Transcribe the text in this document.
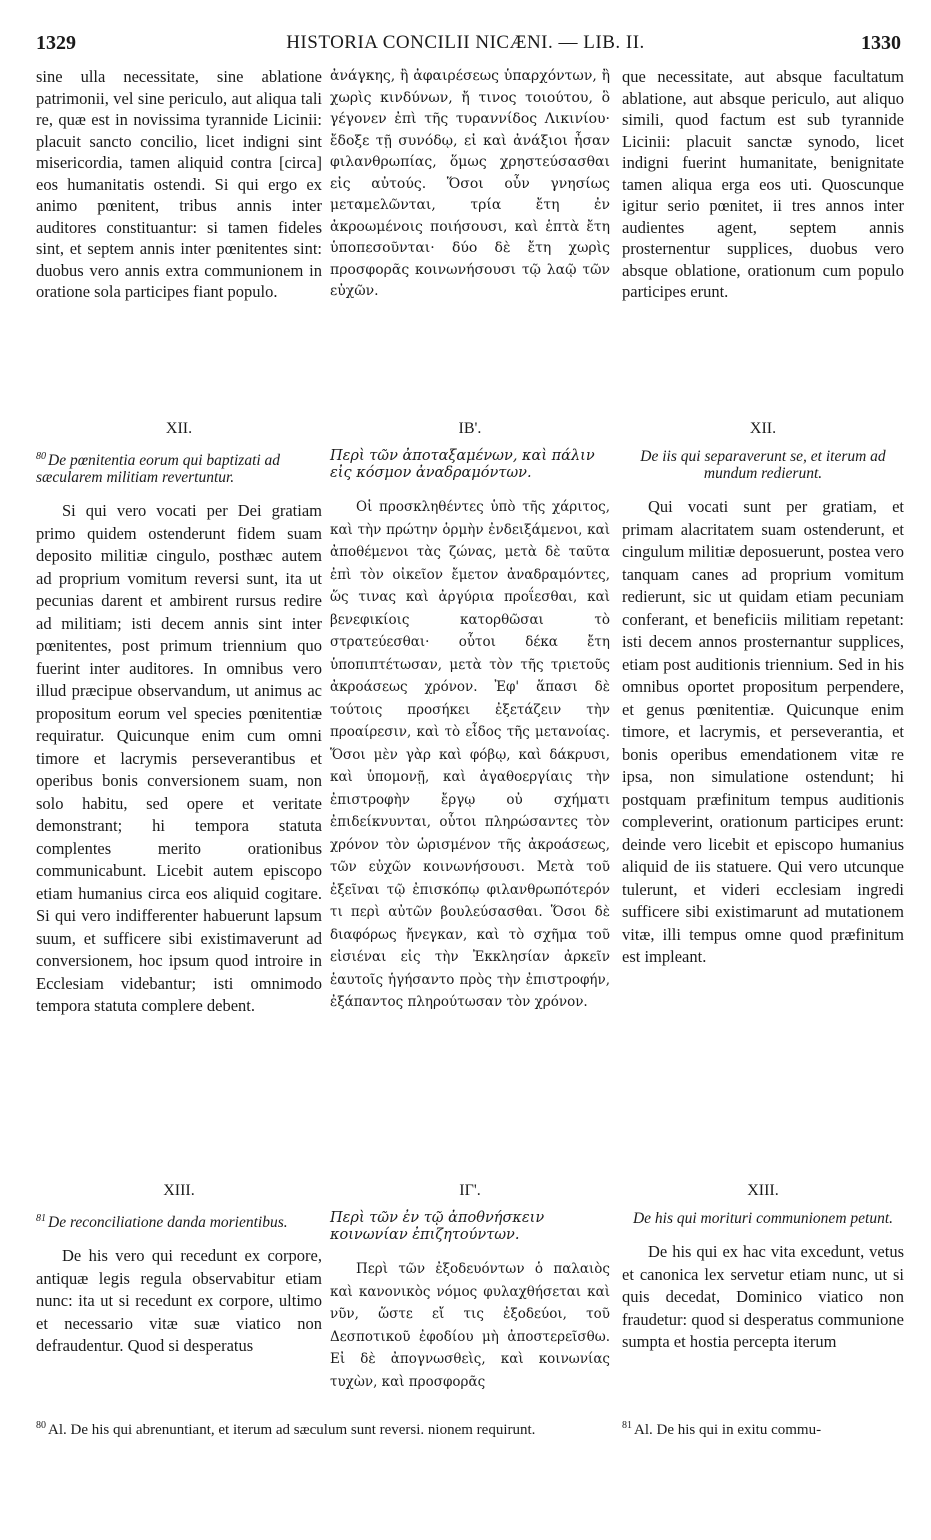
1329	HISTORIA CONCILII NICÆNI. — LIB. II.	1330

sine ulla necessitate, sine ablatione patrimonii, vel sine periculo, aut aliqua tali re, quæ est in novissima tyrannide Licinii: placuit sancto concilio, licet indigni sint misericordia, tamen aliquid contra [circa] eos humanitatis ostendi. Si qui ergo ex animo pœnitent, tribus annis inter auditores constituantur: si tamen fideles sint, et septem annis inter pœnitentes sint: duobus vero annis extra communionem in oratione sola participes fiant populo.

XII.
$^{80}$ De pœnitentia eorum qui baptizati ad sæcularem militiam revertuntur.

Si qui vero vocati per Dei gratiam primo quidem ostenderunt fidem suam deposito militiæ cingulo, posthæc autem ad proprium vomitum reversi sunt, ita ut pecunias darent et ambirent rursus redire ad militiam; isti decem annis sint inter pœnitentes, post primum triennium quo fuerint inter auditores. In omnibus vero illud præcipue observandum, ut animus ac propositum eorum vel species pœnitentiæ requiratur. Quicunque enim cum omni timore et lacrymis perseverantibus et operibus bonis conversionem suam, non solo habitu, sed opere et veritate demonstrant; hi tempora statuta complentes merito orationibus communicabunt. Licebit autem episcopo etiam humanius circa eos aliquid cogitare. Si qui vero indifferenter habuerunt lapsum suum, et sufficere sibi existimaverunt ad conversionem, hoc ipsum quod introire in Ecclesiam videbantur; isti omnimodo tempora statuta complere debent.

XIII.
$^{81}$ De reconciliatione danda morientibus.

De his vero qui recedunt ex corpore, antiquæ legis regula observabitur etiam nunc: ita ut si recedunt ex corpore, ultimo et necessario vitæ suæ viatico non defraudentur. Quod si desperatus

ἀνάγκης, ἢ ἀφαιρέσεως ὑπαρχόντων, ἢ χωρὶς κινδύνων, ἤ τινος τοιούτου, ὃ γέγονεν ἐπὶ τῆς τυραννίδος Λικινίου· ἔδοξε τῇ συνόδῳ, εἰ καὶ ἀνάξιοι ἦσαν φιλανθρωπίας, ὅμως χρηστεύσασθαι εἰς αὐτούς. Ὅσοι οὖν γνησίως μεταμελῶνται, τρία ἔτη ἐν ἀκροωμένοις ποιήσουσι, καὶ ἑπτὰ ἔτη ὑποπεσοῦνται· δύο δὲ ἔτη χωρὶς προσφορᾶς κοινωνήσουσι τῷ λαῷ τῶν εὐχῶν.

ΙΒ'.
Περὶ τῶν ἀποταξαμένων, καὶ πάλιν εἰς κόσμον ἀναδραμόντων.

Οἱ προσκληθέντες ὑπὸ τῆς χάριτος, καὶ τὴν πρώτην ὁρμὴν ἐνδειξάμενοι, καὶ ἀποθέμενοι τὰς ζώνας, μετὰ δὲ ταῦτα ἐπὶ τὸν οἰκεῖον ἔμετον ἀναδραμόντες, ὥς τινας καὶ ἀργύρια προΐεσθαι, καὶ βενεφικίοις κατορθῶσαι τὸ στρατεύεσθαι· οὗτοι δέκα ἔτη ὑποπιπτέτωσαν, μετὰ τὸν τῆς τριετοῦς ἀκροάσεως χρόνον. Ἐφ' ἅπασι δὲ τούτοις προσήκει ἐξετάζειν τὴν προαίρεσιν, καὶ τὸ εἶδος τῆς μετανοίας. Ὅσοι μὲν γὰρ καὶ φόβῳ, καὶ δάκρυσι, καὶ ὑπομονῇ, καὶ ἀγαθοεργίαις τὴν ἐπιστροφὴν ἔργῳ οὐ σχήματι ἐπιδείκνυνται, οὗτοι πληρώσαντες τὸν χρόνον τὸν ὡρισμένον τῆς ἀκροάσεως, τῶν εὐχῶν κοινωνήσουσι. Μετὰ τοῦ ἐξεῖναι τῷ ἐπισκόπῳ φιλανθρωπότερόν τι περὶ αὐτῶν βουλεύσασθαι. Ὅσοι δὲ διαφόρως ἤνεγκαν, καὶ τὸ σχῆμα τοῦ εἰσιέναι εἰς τὴν Ἐκκλησίαν ἀρκεῖν ἑαυτοῖς ἡγήσαντο πρὸς τὴν ἐπιστροφήν, ἐξάπαντος πληρούτωσαν τὸν χρόνον.

ΙΓ'.
Περὶ τῶν ἐν τῷ ἀποθνήσκειν κοινωνίαν ἐπιζητούντων.

Περὶ τῶν ἐξοδευόντων ὁ παλαιὸς καὶ κανονικὸς νόμος φυλαχθήσεται καὶ νῦν, ὥστε εἴ τις ἐξοδεύοι, τοῦ Δεσποτικοῦ ἐφοδίου μὴ ἀποστερεῖσθω. Εἰ δὲ ἀπογνωσθεὶς, καὶ κοινωνίας τυχὼν, καὶ προσφορᾶς

que necessitate, aut absque facultatum ablatione, aut absque periculo, aut aliquo simili, quod factum est sub tyrannide Licinii: placuit sanctæ synodo, licet indigni fuerint humanitate, benignitate tamen aliqua erga eos uti. Quoscunque igitur serio pœnitet, ii tres annos inter audientes agent, septem annis prosternentur supplices, duobus vero absque oblatione, orationum cum populo participes erunt.

XII.
De iis qui separaverunt se, et iterum ad mundum redierunt.

Qui vocati sunt per gratiam, et primam alacritatem suam ostenderunt, et cingulum militiæ deposuerunt, postea vero tanquam canes ad proprium vomitum redierunt, sic ut quidam etiam pecuniam conferant, et beneficiis militiam repetant: isti decem annos prosternantur supplices, etiam post auditionis triennium. Sed in his omnibus oportet propositum perpendere, et genus pœnitentiæ. Quicunque enim timore, et lacrymis, et perseverantia, et bonis operibus emendationem vitæ re ipsa, non simulatione ostendunt; hi postquam præfinitum tempus auditionis compleverint, orationum participes erunt: deinde vero licebit et episcopo humanius aliquid de iis statuere. Qui vero utcunque tulerunt, et videri ecclesiam ingredi sufficere sibi existimarunt ad mutationem vitæ, illi tempus omne quod præfinitum est impleant.

XIII.
De his qui morituri communionem petunt.

De his qui ex hac vita excedunt, vetus et canonica lex servetur etiam nunc, ut si quis decedat, Dominico viatico non fraudetur: quod si desperatus communione sumpta et hostia percepta iterum

$^{80}$ Al. De his qui abrenuntiant, et iterum ad sæculum sunt reversi. nionem requirunt.	$^{81}$ Al. De his qui in exitu commu-
